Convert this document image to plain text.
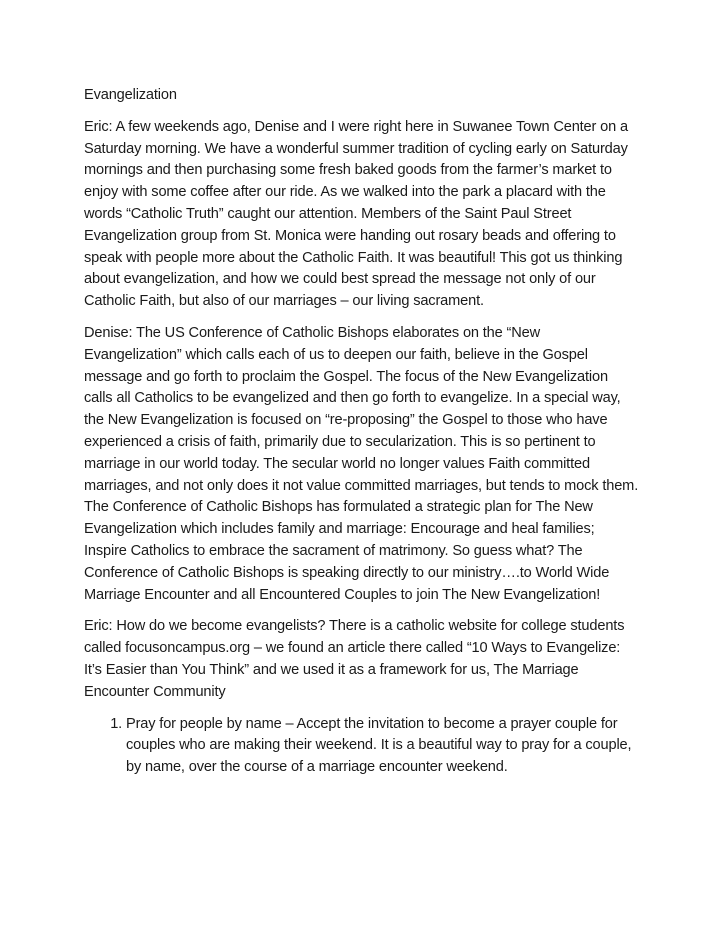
Evangelization

Eric: A few weekends ago, Denise and I were right here in Suwanee Town Center on a Saturday morning. We have a wonderful summer tradition of cycling early on Saturday mornings and then purchasing some fresh baked goods from the farmer’s market to enjoy with some coffee after our ride. As we walked into the park a placard with the words “Catholic Truth” caught our attention. Members of the Saint Paul Street Evangelization group from St. Monica were handing out rosary beads and offering to speak with people more about the Catholic Faith. It was beautiful! This got us thinking about evangelization, and how we could best spread the message not only of our Catholic Faith, but also of our marriages – our living sacrament.

Denise: The US Conference of Catholic Bishops elaborates on the “New Evangelization” which calls each of us to deepen our faith, believe in the Gospel message and go forth to proclaim the Gospel. The focus of the New Evangelization calls all Catholics to be evangelized and then go forth to evangelize. In a special way, the New Evangelization is focused on “re-proposing” the Gospel to those who have experienced a crisis of faith, primarily due to secularization. This is so pertinent to marriage in our world today. The secular world no longer values Faith committed marriages, and not only does it not value committed marriages, but tends to mock them. The Conference of Catholic Bishops has formulated a strategic plan for The New Evangelization which includes family and marriage: Encourage and heal families; Inspire Catholics to embrace the sacrament of matrimony. So guess what? The Conference of Catholic Bishops is speaking directly to our ministry….to World Wide Marriage Encounter and all Encountered Couples to join The New Evangelization!

Eric: How do we become evangelists? There is a catholic website for college students called focusoncampus.org – we found an article there called “10 Ways to Evangelize: It’s Easier than You Think” and we used it as a framework for us, The Marriage Encounter Community

1. Pray for people by name – Accept the invitation to become a prayer couple for couples who are making their weekend. It is a beautiful way to pray for a couple, by name, over the course of a marriage encounter weekend.
